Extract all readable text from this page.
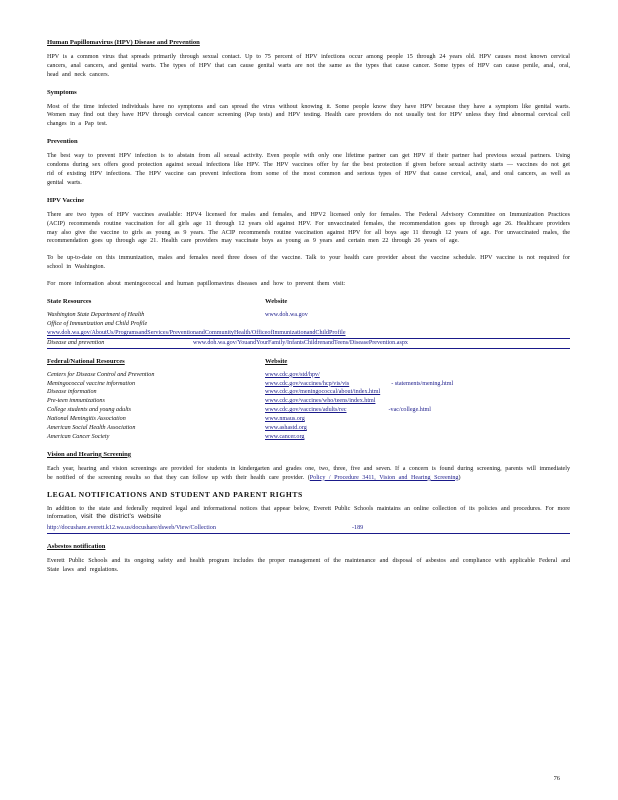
Human Papillomavirus (HPV) Disease and Prevention

HPV is a common virus that spreads primarily through sexual contact. Up to 75 percent of HPV infections occur among people 15 through 24 years old. HPV causes most known cervical cancers, anal cancers, and genital warts. The types of HPV that can cause genital warts are not the same as the types that cause cancer. Some types of HPV can cause penile, anal, oral, head and neck cancers.

Symptoms

Most of the time infected individuals have no symptoms and can spread the virus without knowing it. Some people know they have HPV because they have a symptom like genital warts. Women may find out they have HPV through cervical cancer screening (Pap tests) and HPV testing. Health care providers do not usually test for HPV unless they find abnormal cervical cell changes in a Pap test.

Prevention

The best way to prevent HPV infection is to abstain from all sexual activity. Even people with only one lifetime partner can get HPV if their partner had previous sexual partners. Using condoms during sex offers good protection against sexual infections like HPV. The HPV vaccines offer by far the best protection if given before sexual activity starts — vaccines do not get rid of existing HPV infections. The HPV vaccine can prevent infections from some of the most common and serious types of HPV that cause cervical, anal, and oral cancers, as well as genital warts.

HPV Vaccine

There are two types of HPV vaccines available: HPV4 licensed for males and females, and HPV2 licensed only for females. The Federal Advisory Committee on Immunization Practices (ACIP) recommends routine vaccination for all girls age 11 through 12 years old against HPV. For unvaccinated females, the recommendation goes up through age 26. Healthcare providers may also give the vaccine to girls as young as 9 years. The ACIP recommends routine vaccination against HPV for all boys age 11 through 12 years of age. For unvaccinated males, the recommendation goes up through age 21. Health care providers may vaccinate boys as young as 9 years and certain men 22 through 26 years of age.

To be up-to-date on this immunization, males and females need three doses of the vaccine. Talk to your health care provider about the vaccine schedule. HPV vaccine is not required for school in Washington.

For more information about meningococcal and human papillomavirus diseases and how to prevent them visit:

State Resources	Website
Washington State Department of Health	www.doh.wa.gov
Office of Immunization and Child Profile
www.doh.wa.gov/AboutUs/ProgramsandServices/PreventionandCommunityHealth/OfficeofImmunizationandChildProfile
Disease and prevention	www.doh.wa.gov/YouandYourFamily/InfantsChildrenandTeens/DiseasePrevention.aspx
Federal/National Resources	Website
Centers for Disease Control and Prevention	www.cdc.gov/std/hpv/
Meningococcal vaccine information	www.cdc.gov/vaccines/hcp/vis/vis	- statements/mening.html
Disease information	www.cdc.gov/meningococcal/about/index.html
Pre-teen immunizations	www.cdc.gov/vaccines/who/teens/index.html
College students and young adults	www.cdc.gov/vaccines/adults/rec	-vac/college.html
National Meningitis Association	www.nmaus.org
American Social Health Association	www.ashastd.org
American Cancer Society	www.cancer.org
Vision and Hearing Screening

Each year, hearing and vision screenings are provided for students in kindergarten and grades one, two, three, five and seven. If a concern is found during screening, parents will immediately be notified of the screening results so that they can follow up with their health care provider. (Policy / Procedure 3411, Vision and Hearing Screening)

LEGAL NOTIFICATIONS AND STUDENT AND PARENT RIGHTS

In addition to the state and federally required legal and informational notices that appear below, Everett Public Schools maintains an online collection of its policies and procedures. For more information, visit the district’s website

http://docushare.everett.k12.wa.us/docushare/dsweb/View/Collection	-189
Asbestos notification

Everett Public Schools and its ongoing safety and health program includes the proper management of the maintenance and disposal of asbestos and compliance with applicable Federal and State laws and regulations.

76
